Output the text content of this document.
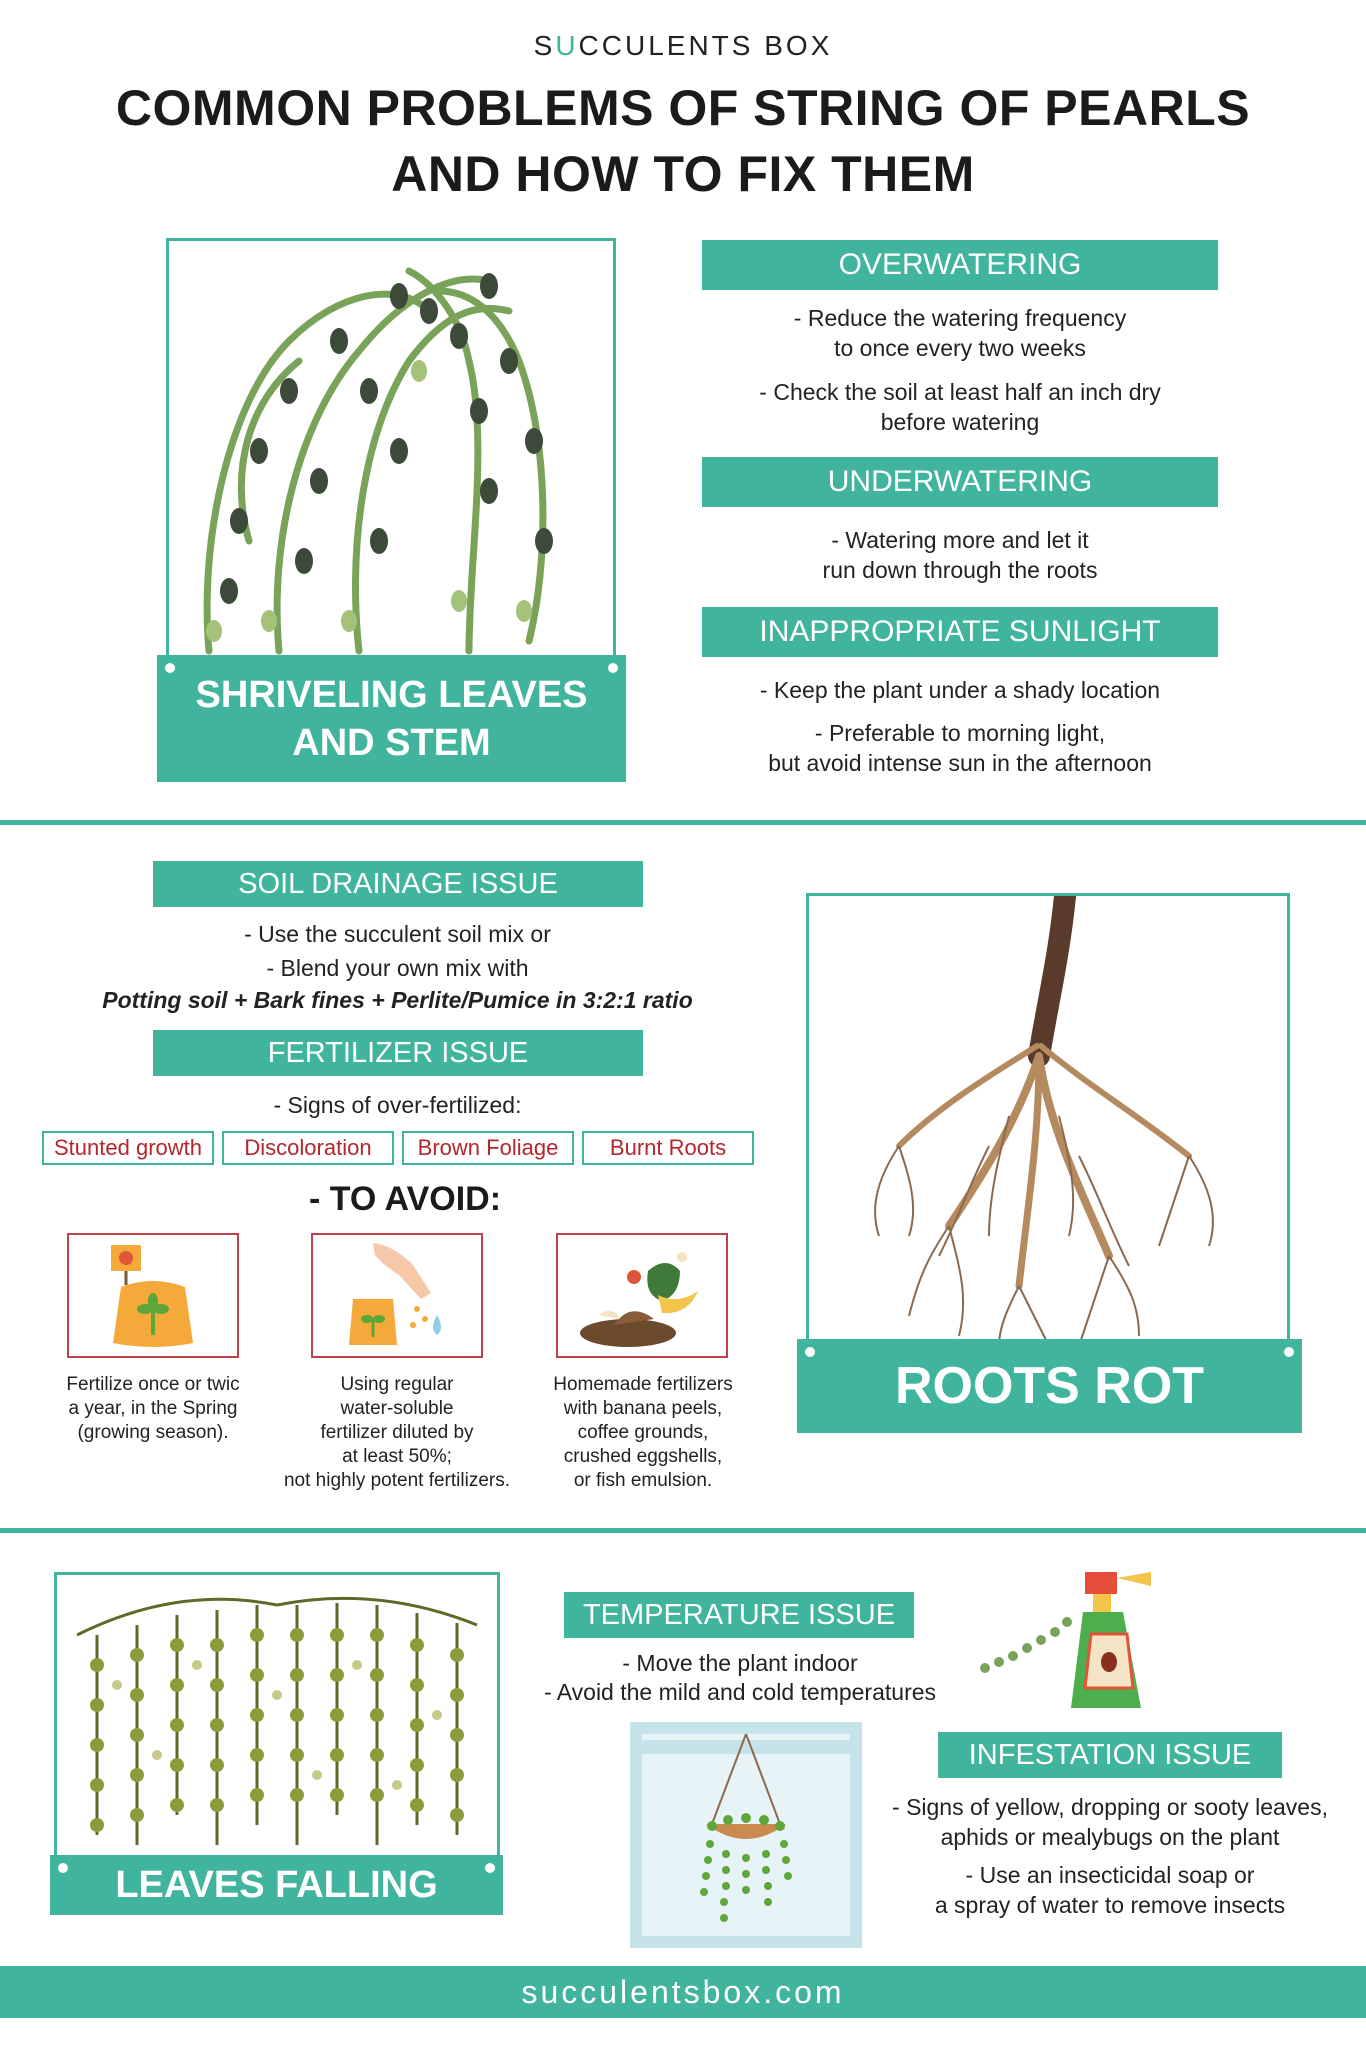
SUCCULENTS BOX
COMMON PROBLEMS OF STRING OF PEARLS
AND HOW TO FIX THEM
SHRIVELING LEAVES
AND STEM
OVERWATERING
- Reduce the watering frequency
to once every two weeks
- Check the soil at least half an inch dry
before watering
UNDERWATERING
- Watering more and let it
run down through the roots
INAPPROPRIATE SUNLIGHT
- Keep the plant under a shady location
- Preferable to morning light,
but avoid intense sun in the afternoon
SOIL DRAINAGE ISSUE
- Use the succulent soil mix or
- Blend your own mix with
Potting soil + Bark fines + Perlite/Pumice in 3:2:1 ratio
FERTILIZER ISSUE
- Signs of over-fertilized:
Stunted growth	Discoloration	Brown Foliage	Burnt Roots
- TO AVOID:
Fertilize once or twic
a year, in the Spring
(growing season).
Using regular
water-soluble
fertilizer diluted by
at least 50%;
not highly potent fertilizers.
Homemade fertilizers
with banana peels,
coffee grounds,
crushed eggshells,
or fish emulsion.
ROOTS ROT
LEAVES FALLING
TEMPERATURE ISSUE
- Move the plant indoor
- Avoid the mild and cold temperatures
INFESTATION ISSUE
- Signs of yellow, dropping or sooty leaves,
aphids or mealybugs on the plant
- Use an insecticidal soap or
a spray of water to remove insects
succulentsbox.com
